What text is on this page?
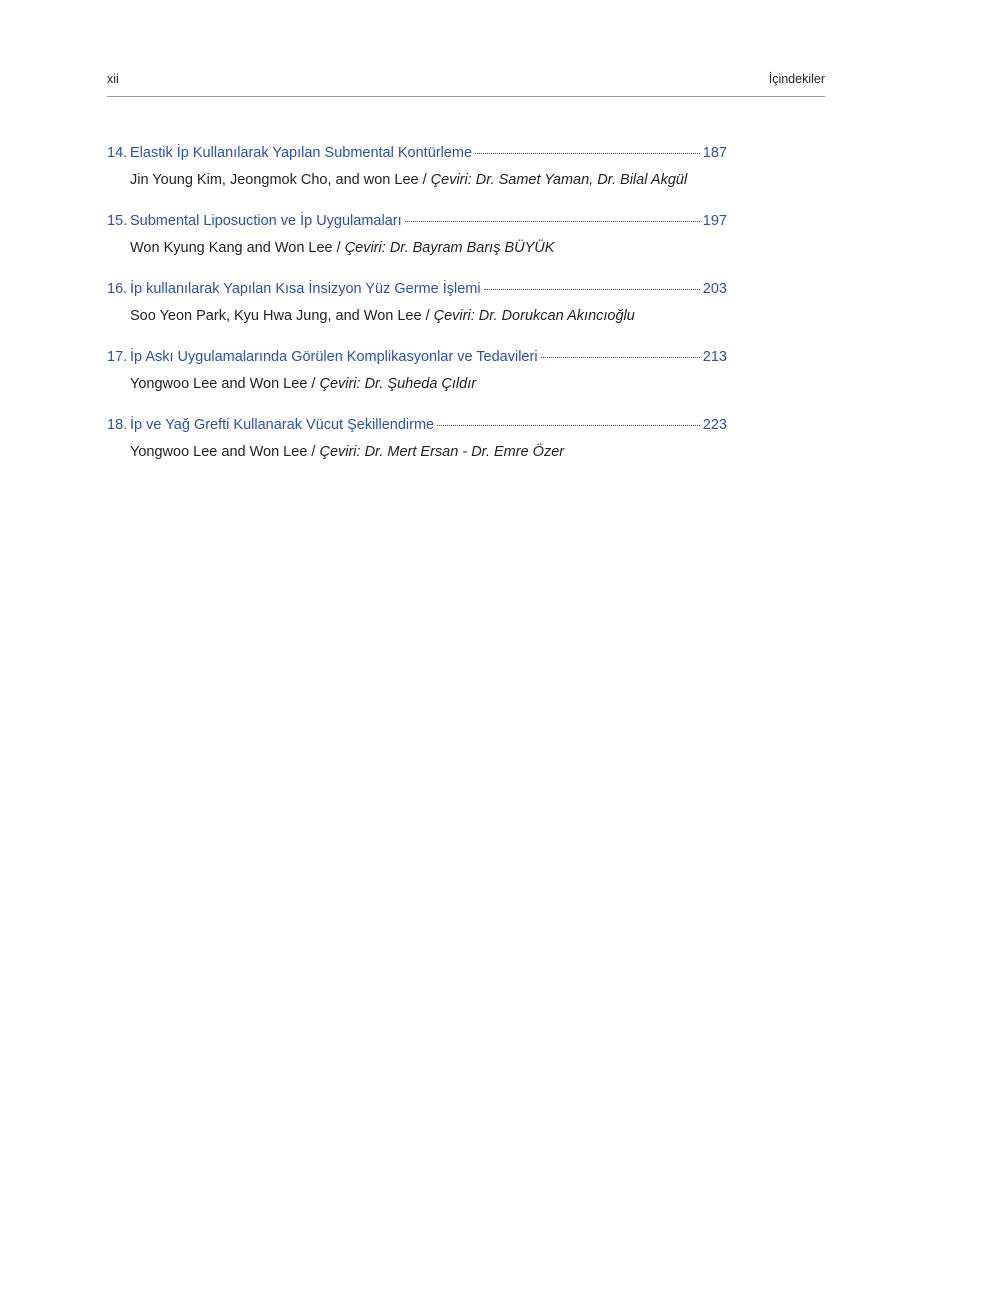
xii	İçindekiler
14. Elastik İp Kullanılarak Yapılan Submental Kontürleme	187
Jin Young Kim, Jeongmok Cho, and won Lee / Çeviri: Dr. Samet Yaman, Dr. Bilal Akgül
15. Submental Liposuction ve İp Uygulamaları	197
Won Kyung Kang and Won Lee / Çeviri: Dr. Bayram Barış BÜYÜK
16. İp kullanılarak Yapılan Kısa İnsizyon Yüz Germe İşlemi	203
Soo Yeon Park, Kyu Hwa Jung, and Won Lee / Çeviri: Dr. Dorukcan Akıncıoğlu
17. İp Askı Uygulamalarında Görülen Komplikasyonlar ve Tedavileri	213
Yongwoo Lee and Won Lee / Çeviri: Dr. Şuheda Çıldır
18. İp ve Yağ Grefti Kullanarak Vücut Şekillendirme	223
Yongwoo Lee and Won Lee / Çeviri: Dr. Mert Ersan - Dr. Emre Özer
